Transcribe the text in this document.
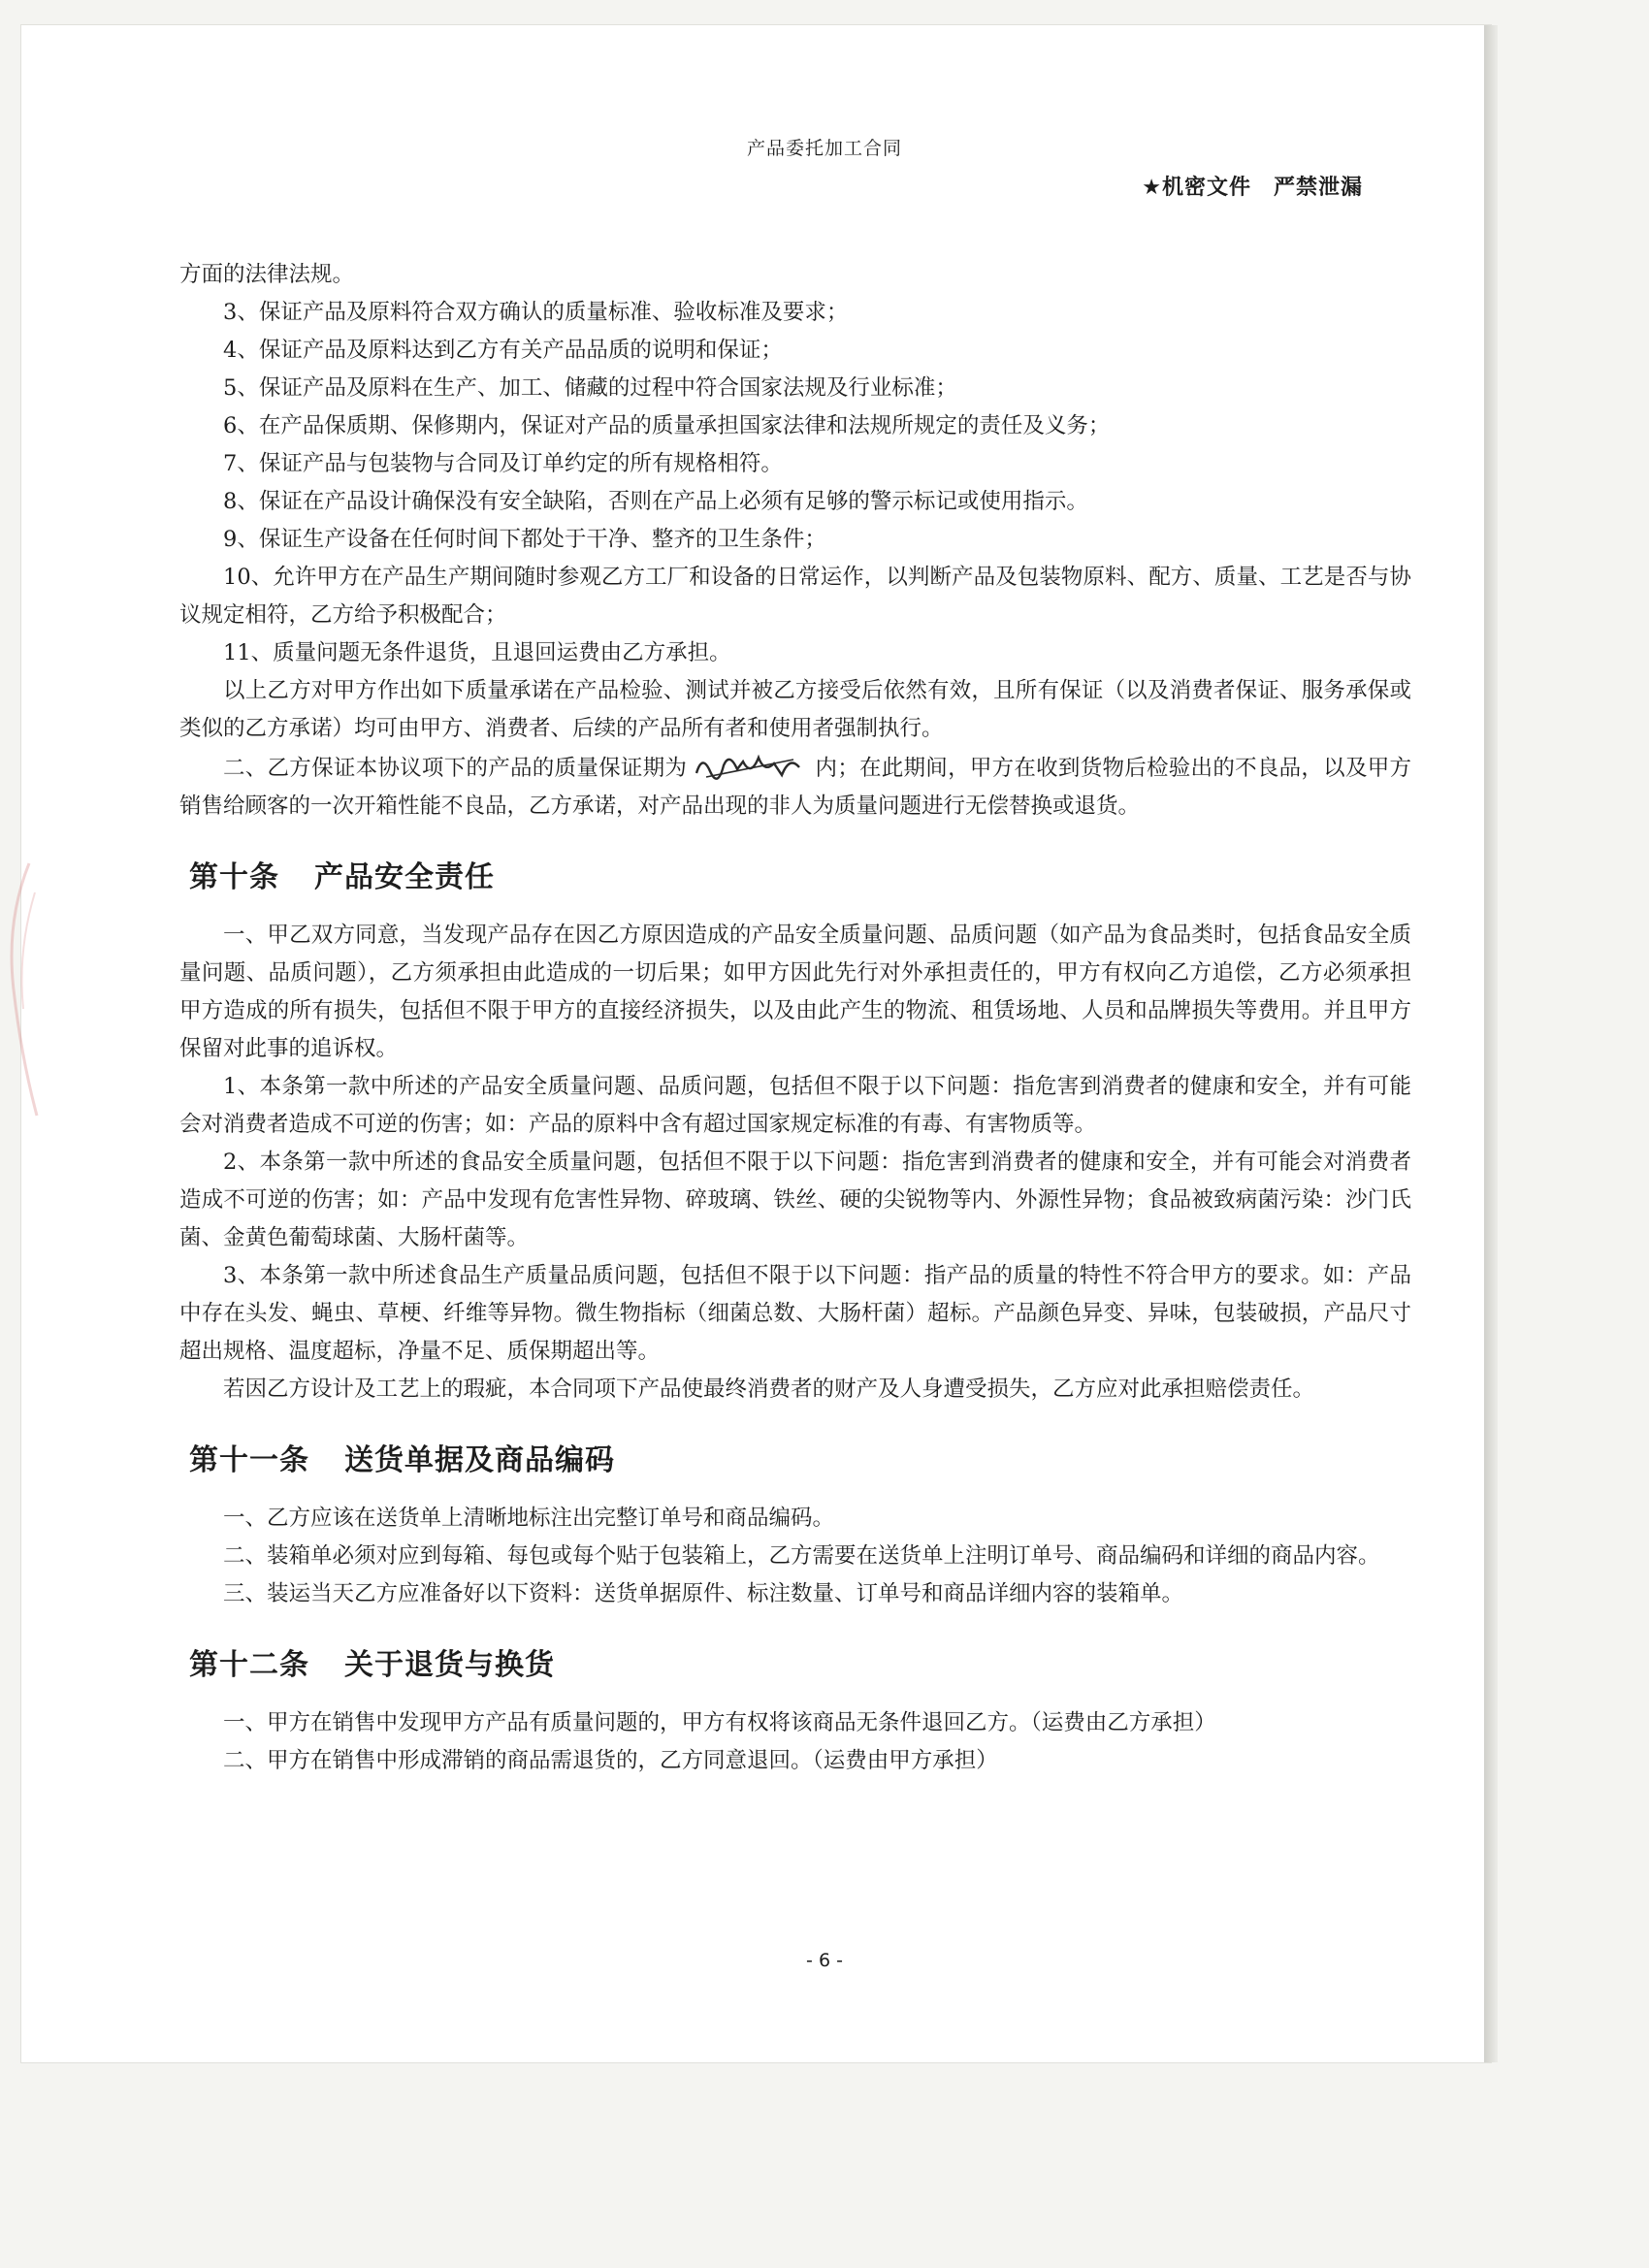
产品委托加工合同
★机密文件　严禁泄漏

方面的法律法规。

3、保证产品及原料符合双方确认的质量标准、验收标准及要求；

4、保证产品及原料达到乙方有关产品品质的说明和保证；

5、保证产品及原料在生产、加工、储藏的过程中符合国家法规及行业标准；

6、在产品保质期、保修期内，保证对产品的质量承担国家法律和法规所规定的责任及义务；

7、保证产品与包装物与合同及订单约定的所有规格相符。

8、保证在产品设计确保没有安全缺陷，否则在产品上必须有足够的警示标记或使用指示。

9、保证生产设备在任何时间下都处于干净、整齐的卫生条件；

10、允许甲方在产品生产期间随时参观乙方工厂和设备的日常运作，以判断产品及包装物原料、配方、质量、工艺是否与协议规定相符，乙方给予积极配合；

11、质量问题无条件退货，且退回运费由乙方承担。

以上乙方对甲方作出如下质量承诺在产品检验、测试并被乙方接受后依然有效，且所有保证（以及消费者保证、服务承保或类似的乙方承诺）均可由甲方、消费者、后续的产品所有者和使用者强制执行。

二、乙方保证本协议项下的产品的质量保证期为	内；在此期间，甲方在收到货物后检验出的不良品，以及甲方销售给顾客的一次开箱性能不良品，乙方承诺，对产品出现的非人为质量问题进行无偿替换或退货。

第十条 产品安全责任

一、甲乙双方同意，当发现产品存在因乙方原因造成的产品安全质量问题、品质问题（如产品为食品类时，包括食品安全质量问题、品质问题），乙方须承担由此造成的一切后果；如甲方因此先行对外承担责任的，甲方有权向乙方追偿，乙方必须承担甲方造成的所有损失，包括但不限于甲方的直接经济损失，以及由此产生的物流、租赁场地、人员和品牌损失等费用。并且甲方保留对此事的追诉权。

1、本条第一款中所述的产品安全质量问题、品质问题，包括但不限于以下问题：指危害到消费者的健康和安全，并有可能会对消费者造成不可逆的伤害；如：产品的原料中含有超过国家规定标准的有毒、有害物质等。

2、本条第一款中所述的食品安全质量问题，包括但不限于以下问题：指危害到消费者的健康和安全，并有可能会对消费者造成不可逆的伤害；如：产品中发现有危害性异物、碎玻璃、铁丝、硬的尖锐物等内、外源性异物；食品被致病菌污染：沙门氏菌、金黄色葡萄球菌、大肠杆菌等。

3、本条第一款中所述食品生产质量品质问题，包括但不限于以下问题：指产品的质量的特性不符合甲方的要求。如：产品中存在头发、蝇虫、草梗、纤维等异物。微生物指标（细菌总数、大肠杆菌）超标。产品颜色异变、异味，包装破损，产品尺寸超出规格、温度超标，净量不足、质保期超出等。

若因乙方设计及工艺上的瑕疵，本合同项下产品使最终消费者的财产及人身遭受损失，乙方应对此承担赔偿责任。

第十一条 送货单据及商品编码

一、乙方应该在送货单上清晰地标注出完整订单号和商品编码。

二、装箱单必须对应到每箱、每包或每个贴于包装箱上，乙方需要在送货单上注明订单号、商品编码和详细的商品内容。

三、装运当天乙方应准备好以下资料：送货单据原件、标注数量、订单号和商品详细内容的装箱单。

第十二条 关于退货与换货

一、甲方在销售中发现甲方产品有质量问题的，甲方有权将该商品无条件退回乙方。（运费由乙方承担）

二、甲方在销售中形成滞销的商品需退货的，乙方同意退回。（运费由甲方承担）

- 6 -
